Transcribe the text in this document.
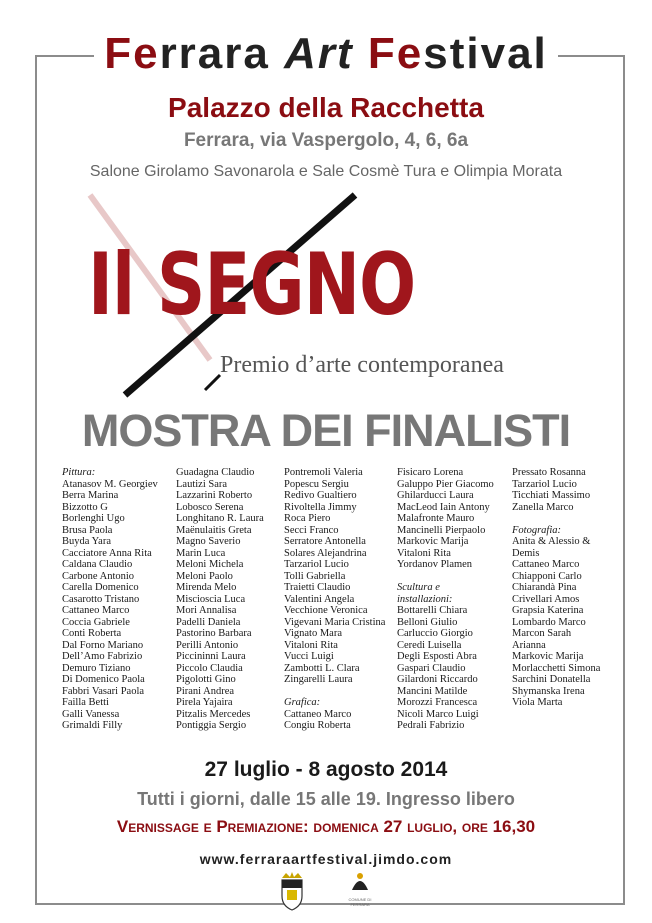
Ferrara Art Festival
Palazzo della Racchetta
Ferrara, via Vaspergolo, 4, 6, 6a
Salone Girolamo Savonarola e Sale Cosmè Tura e Olimpia Morata
Il SEGNO
Premio d’arte contemporanea
MOSTRA DEI FINALISTI
Pittura:
Atanasov M. Georgiev
Berra Marina
Bizzotto G
Borlenghi Ugo
Brusa Paola
Buyda Yara
Cacciatore Anna Rita
Caldana Claudio
Carbone Antonio
Carella Domenico
Casarotto Tristano
Cattaneo Marco
Coccia Gabriele
Conti Roberta
Dal Forno Mariano
Dell’Amo Fabrizio
Demuro Tiziano
Di Domenico Paola
Fabbri Vasari Paola
Failla Betti
Galli Vanessa
Grimaldi Filly
Guadagna Claudio
Lautizi Sara
Lazzarini Roberto
Lobosco Serena
Longhitano R. Laura
Maёnulaitis Greta
Magno Saverio
Marin Luca
Meloni Michela
Meloni Paolo
Mirenda Melo
Miscioscia Luca
Mori Annalisa
Padelli Daniela
Pastorino Barbara
Perilli Antonio
Piccininni Laura
Piccolo Claudia
Pigolotti Gino
Pirani Andrea
Pirela Yajaira
Pitzalis Mercedes
Pontiggia Sergio
Pontremoli Valeria
Popescu Sergiu
Redivo Gualtiero
Rivoltella Jimmy
Roca Piero
Secci Franco
Serratore Antonella
Solares Alejandrina
Tarzariol Lucio
Tolli Gabriella
Traietti Claudio
Valentini Angela
Vecchione Veronica
Vigevani Maria Cristina
Vignato Mara
Vitaloni Rita
Vucci Luigi
Zambotti L. Clara
Zingarelli Laura
Grafica:
Cattaneo Marco
Congiu Roberta
Fisicaro Lorena
Galuppo Pier Giacomo
Ghilarducci Laura
MacLeod Iain Antony
Malafronte Mauro
Mancinelli Pierpaolo
Markovic Marija
Vitaloni Rita
Yordanov Plamen
Scultura e
installazioni:
Bottarelli Chiara
Belloni Giulio
Carluccio Giorgio
Ceredi Luisella
Degli Esposti Abra
Gaspari Claudio
Gilardoni Riccardo
Mancini Matilde
Morozzi Francesca
Nicoli Marco Luigi
Pedrali Fabrizio
Pressato Rosanna
Tarzariol Lucio
Ticchiati Massimo
Zanella Marco
Fotografia:
Anita & Alessio &
Demis
Cattaneo Marco
Chiapponi Carlo
Chiarandà Pina
Crivellari Amos
Grapsia Katerina
Lombardo Marco
Marcon Sarah
Arianna
Markovic Marija
Morlacchetti Simona
Sarchini Donatella
Shymanska Irena
Viola Marta
27 luglio - 8 agosto 2014
Tutti i giorni, dalle 15 alle 19. Ingresso libero
Vernissage e Premiazione: domenica 27 luglio, ore 16,30
www.ferraraartfestival.jimdo.com
COMUNE DI FERRARA
